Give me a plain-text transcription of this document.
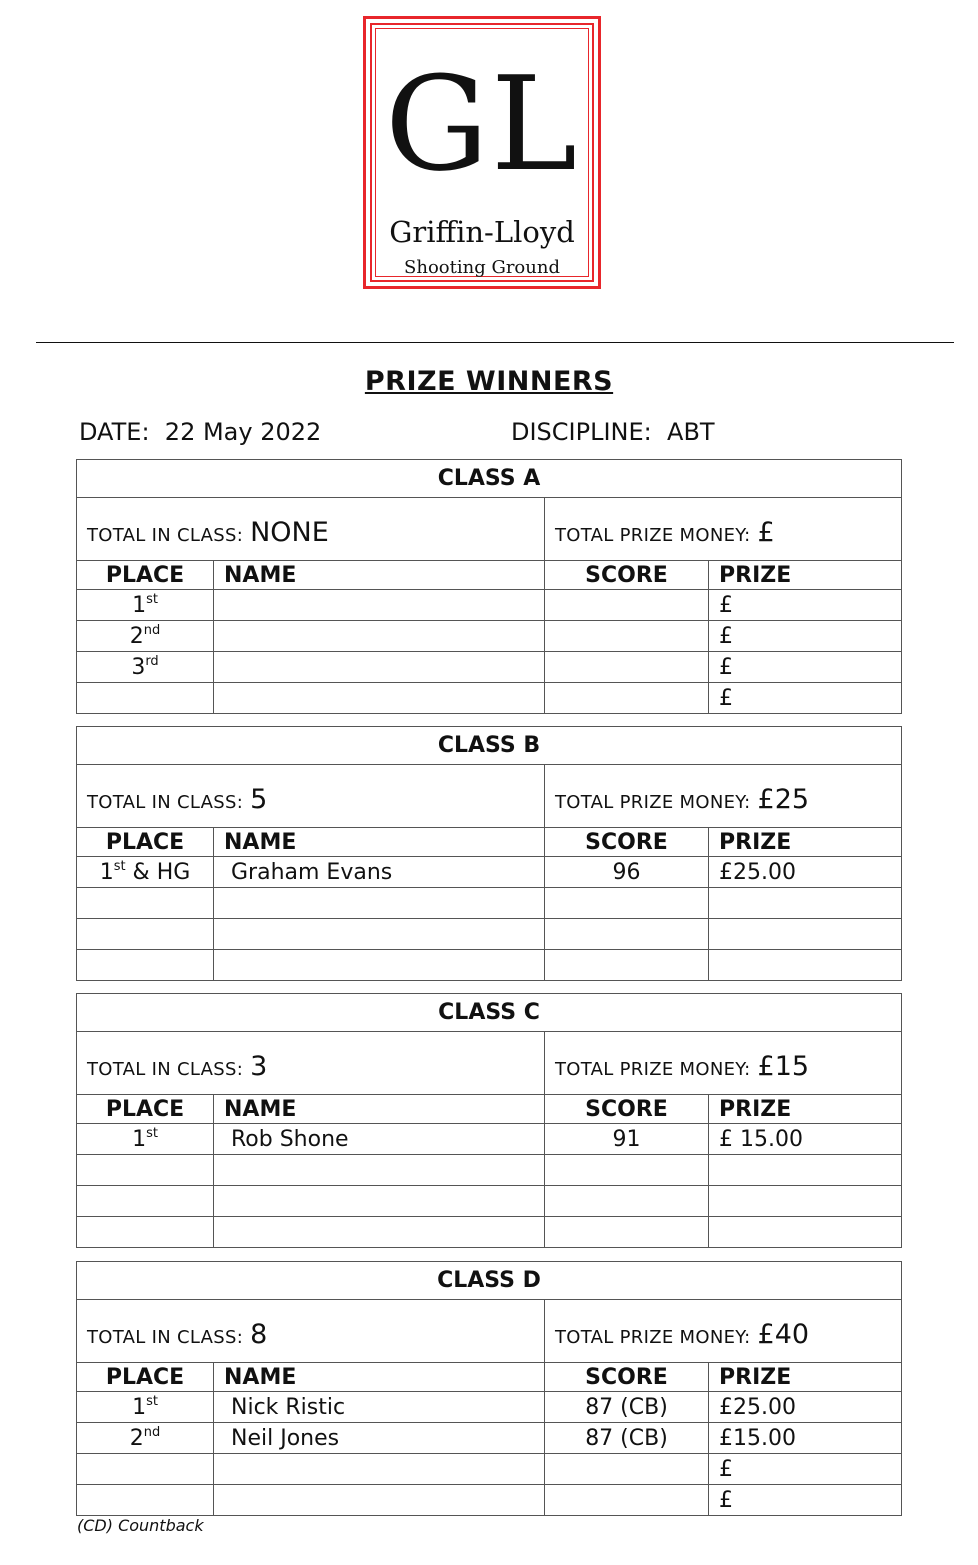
GL
Griffin-Lloyd
Shooting Ground
PRIZE WINNERS
DATE: 22 May 2022	DISCIPLINE: ABT
CLASS A			
TOTAL IN CLASS: NONE		TOTAL PRIZE MONEY: £	
PLACE	NAME	SCORE	PRIZE
1st			£
2nd			£
3rd			£
			£
CLASS B			
TOTAL IN CLASS: 5		TOTAL PRIZE MONEY: £25	
PLACE	NAME	SCORE	PRIZE
1st & HG	Graham Evans	96	£25.00

CLASS C			
TOTAL IN CLASS: 3		TOTAL PRIZE MONEY: £15	
PLACE	NAME	SCORE	PRIZE
1st	Rob Shone	91	£ 15.00

CLASS D			
TOTAL IN CLASS: 8		TOTAL PRIZE MONEY: £40	
PLACE	NAME	SCORE	PRIZE
1st	Nick Ristic	87 (CB)	£25.00
2nd	Neil Jones	87 (CB)	£15.00
			£
			£
(CD) Countback
